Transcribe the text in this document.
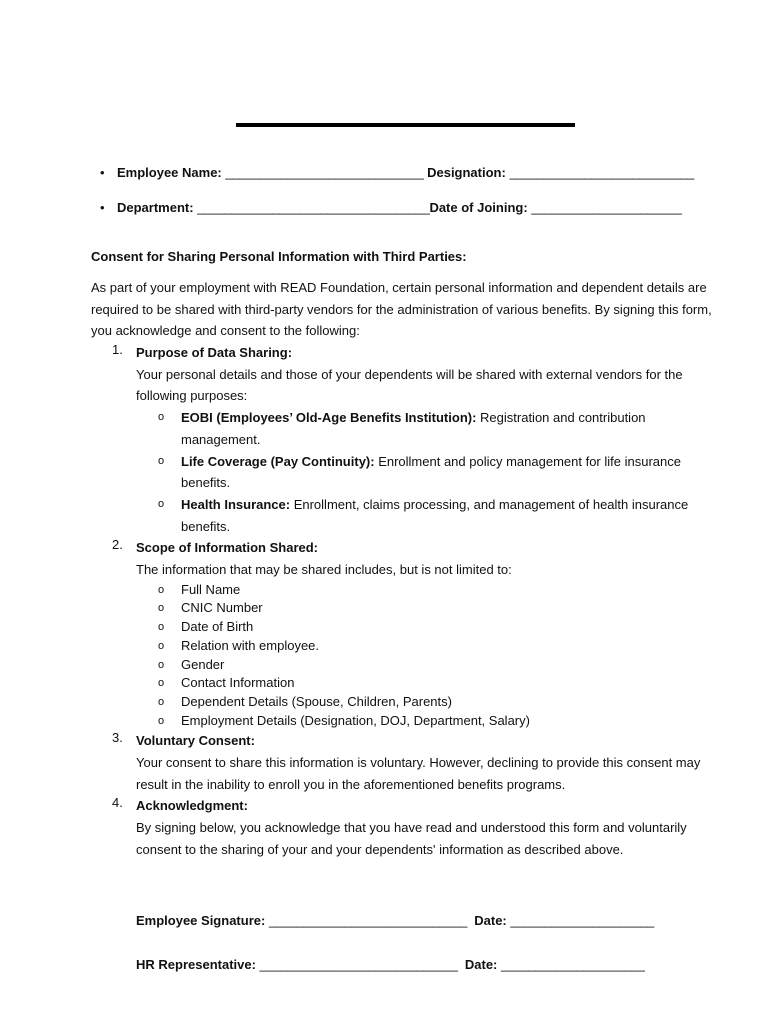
• Employee Name: _____________________________ Designation: ___________________________
• Department: __________________________________Date of Joining: ______________________
Consent for Sharing Personal Information with Third Parties:
As part of your employment with READ Foundation, certain personal information and dependent details are required to be shared with third-party vendors for the administration of various benefits. By signing this form, you acknowledge and consent to the following:
1. Purpose of Data Sharing:
Your personal details and those of your dependents will be shared with external vendors for the following purposes:
o EOBI (Employees’ Old-Age Benefits Institution): Registration and contribution management.
o Life Coverage (Pay Continuity): Enrollment and policy management for life insurance benefits.
o Health Insurance: Enrollment, claims processing, and management of health insurance benefits.
2. Scope of Information Shared:
The information that may be shared includes, but is not limited to:
o Full Name
o CNIC Number
o Date of Birth
o Relation with employee.
o Gender
o Contact Information
o Dependent Details (Spouse, Children, Parents)
o Employment Details (Designation, DOJ, Department, Salary)
3. Voluntary Consent:
Your consent to share this information is voluntary. However, declining to provide this consent may result in the inability to enroll you in the aforementioned benefits programs.
4. Acknowledgment:
By signing below, you acknowledge that you have read and understood this form and voluntarily consent to the sharing of your and your dependents' information as described above.
Employee Signature: _____________________________ Date: _____________________
HR Representative: _____________________________ Date: _____________________
